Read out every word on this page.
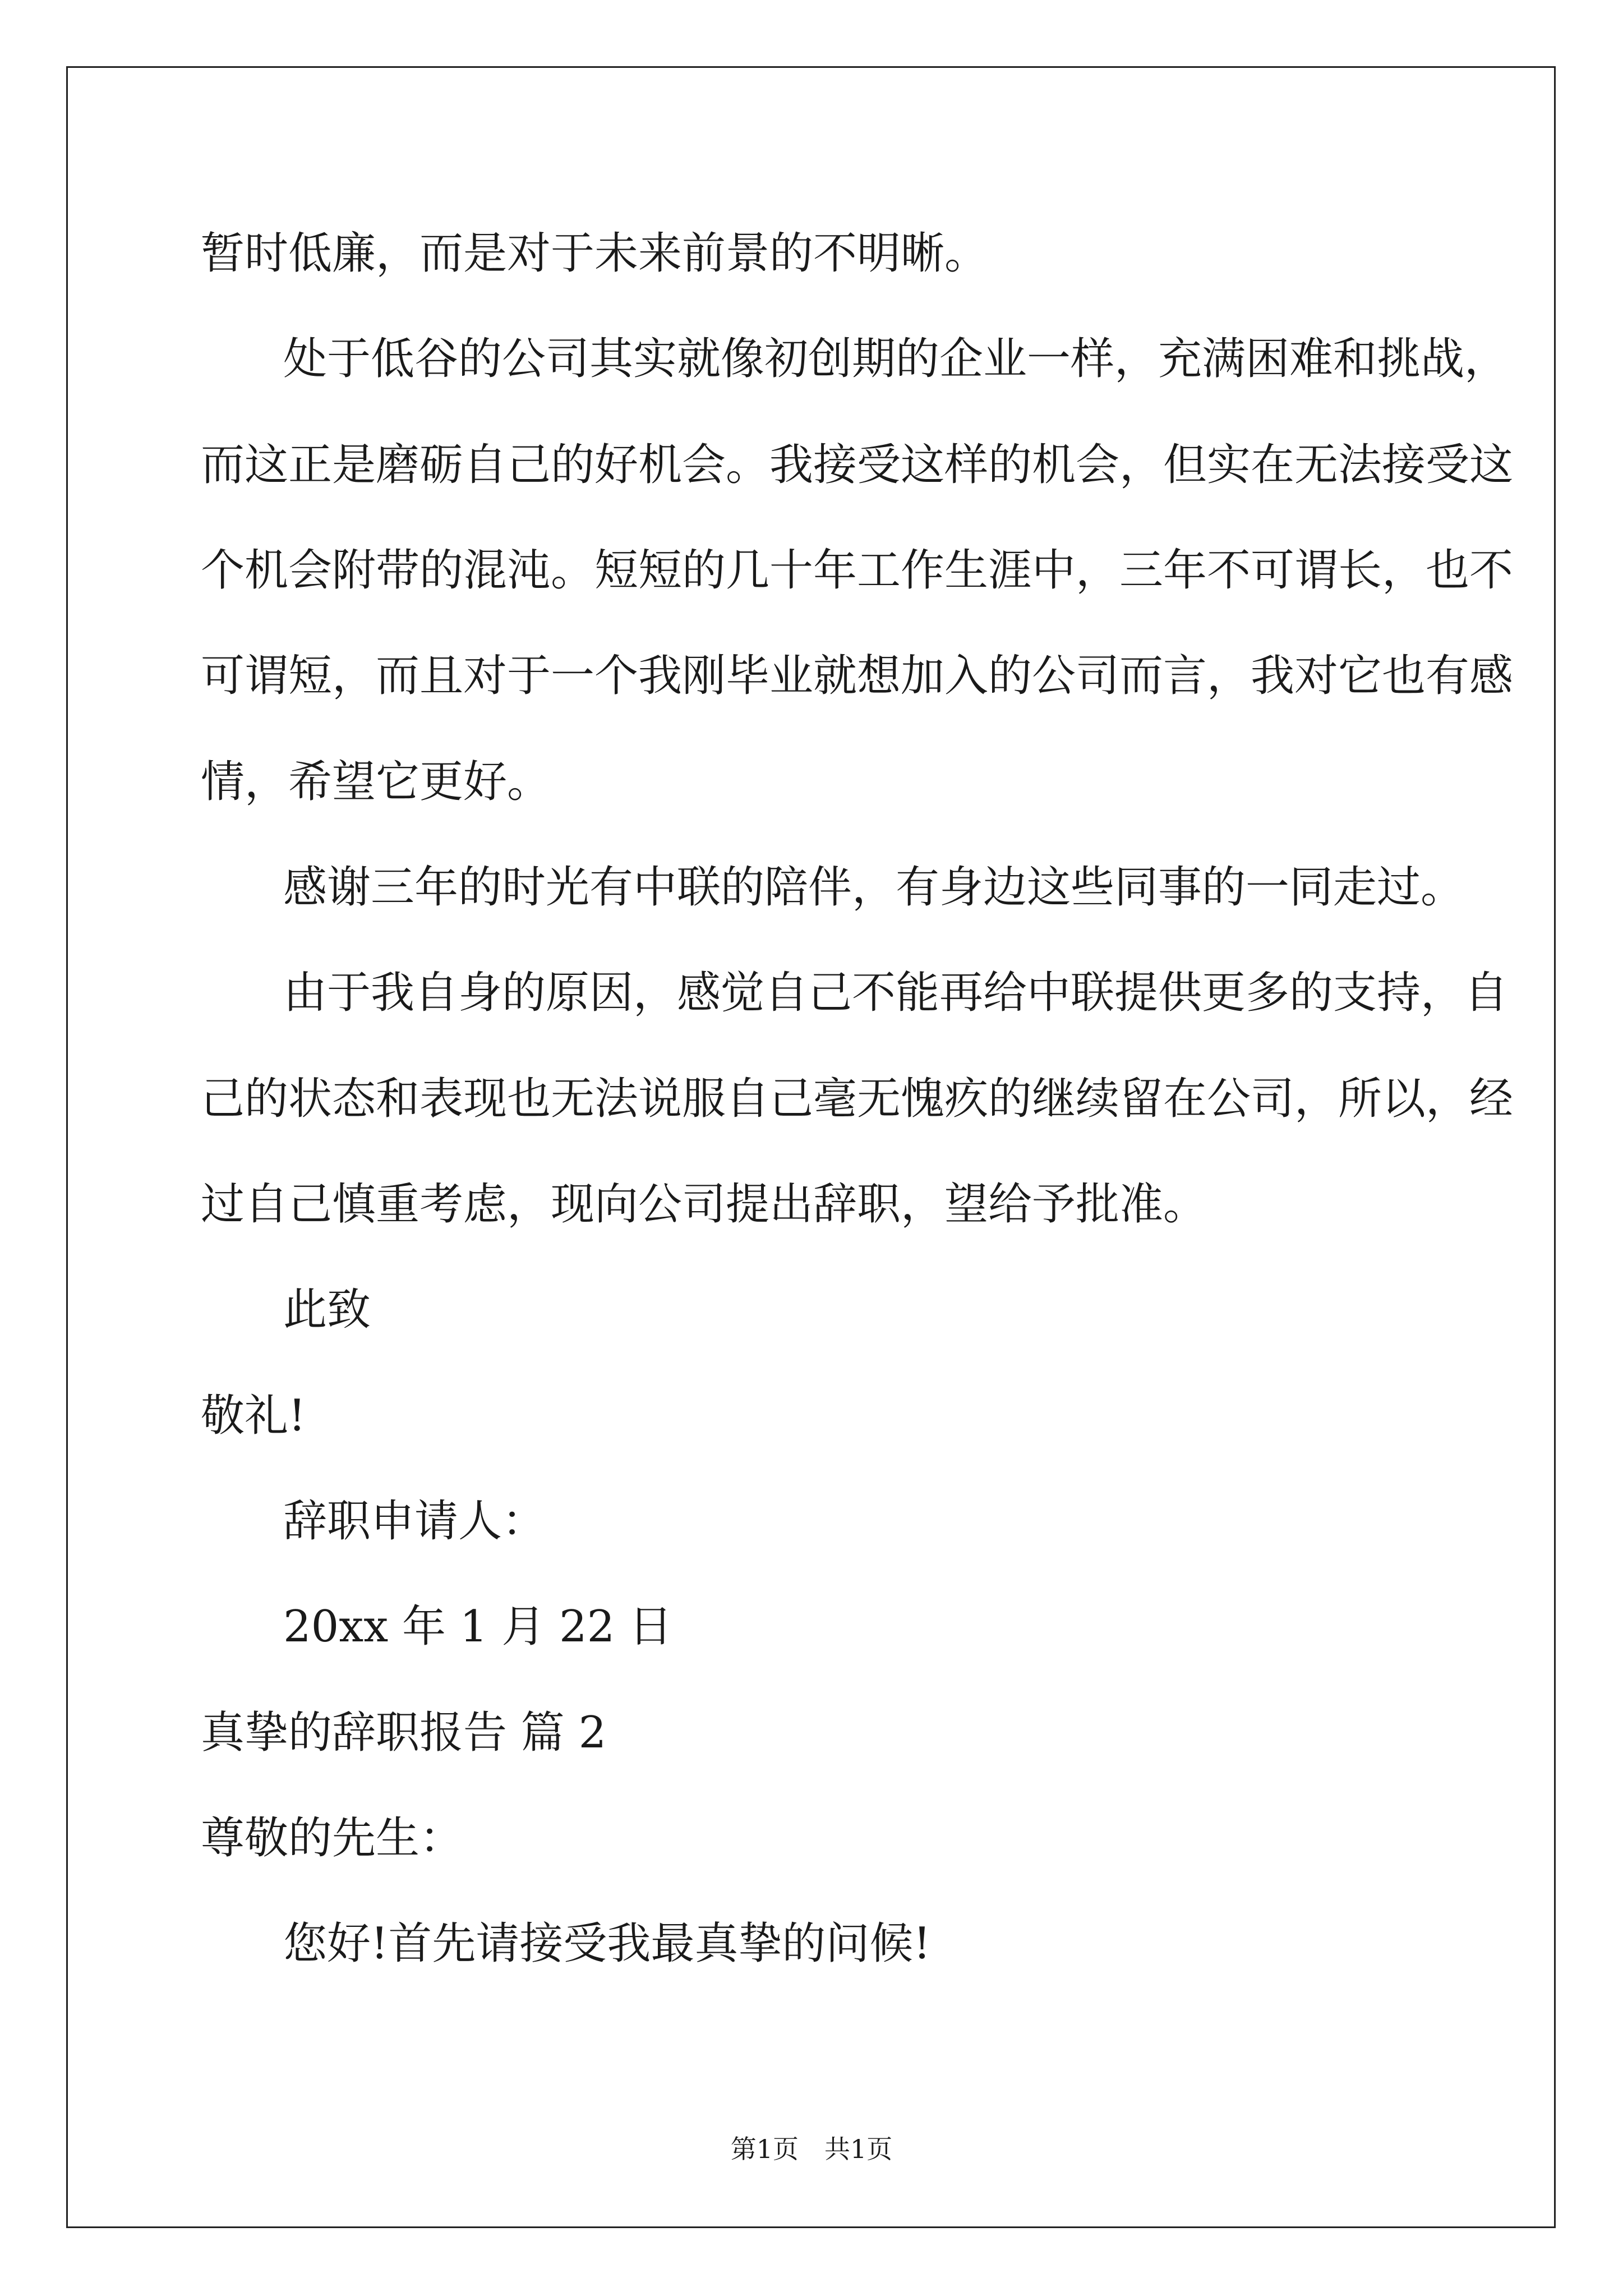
暂时低廉，而是对于未来前景的不明晰。
处于低谷的公司其实就像初创期的企业一样，充满困难和挑战，
而这正是磨砺自己的好机会。我接受这样的机会，但实在无法接受这
个机会附带的混沌。短短的几十年工作生涯中，三年不可谓长，也不
可谓短，而且对于一个我刚毕业就想加入的公司而言，我对它也有感
情，希望它更好。
感谢三年的时光有中联的陪伴，有身边这些同事的一同走过。
由于我自身的原因，感觉自己不能再给中联提供更多的支持，自
己的状态和表现也无法说服自己毫无愧疚的继续留在公司，所以，经
过自己慎重考虑，现向公司提出辞职，望给予批准。
此致
敬礼!
辞职申请人：
20xx 年 1 月 22 日
真挚的辞职报告 篇 2
尊敬的先生：
您好!首先请接受我最真挚的问候!
第1页　共1页
